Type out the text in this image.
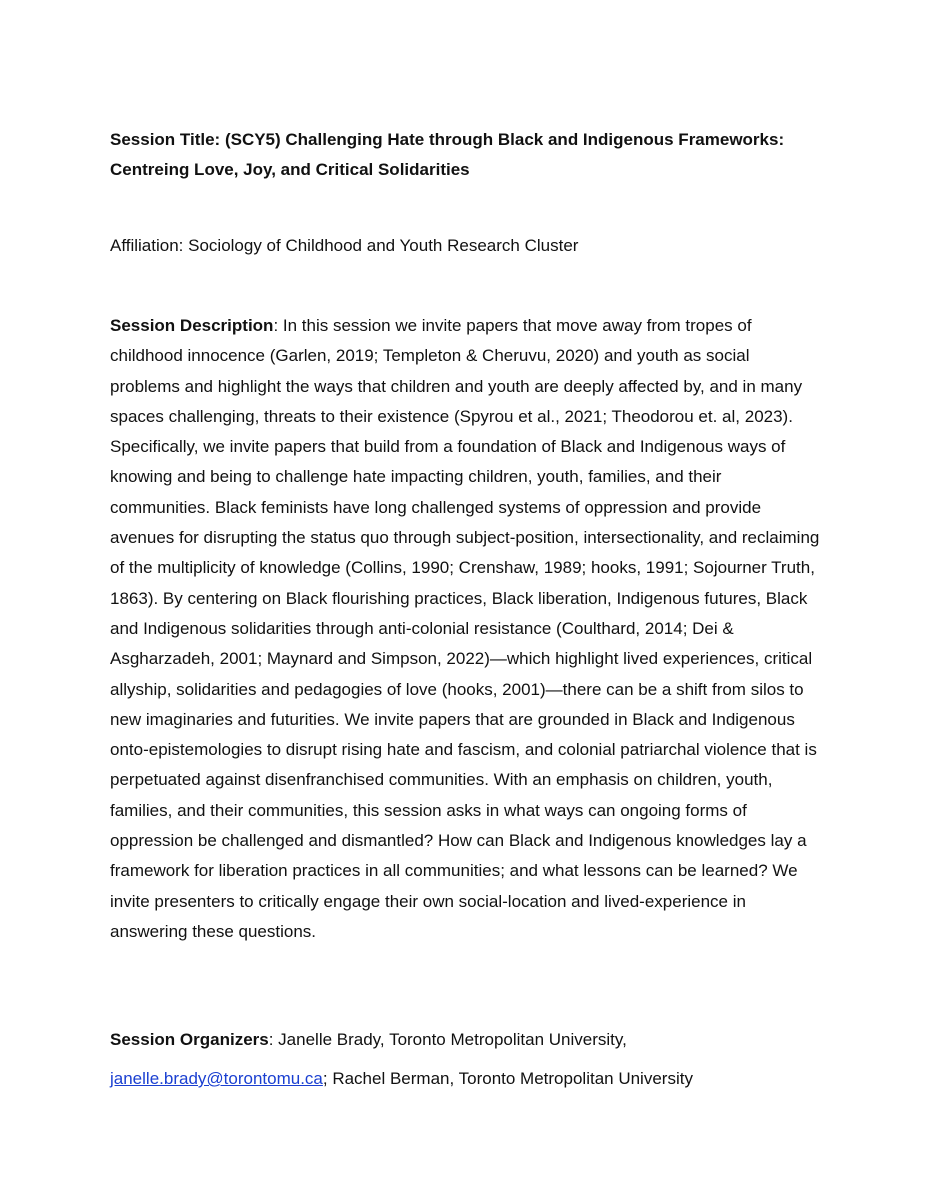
Session Title: (SCY5) Challenging Hate through Black and Indigenous Frameworks:
Centreing Love, Joy, and Critical Solidarities

Affiliation: Sociology of Childhood and Youth Research Cluster

Session Description: In this session we invite papers that move away from tropes of childhood innocence (Garlen, 2019; Templeton & Cheruvu, 2020) and youth as social problems and highlight the ways that children and youth are deeply affected by, and in many spaces challenging, threats to their existence (Spyrou et al., 2021; Theodorou et. al, 2023). Specifically, we invite papers that build from a foundation of Black and Indigenous ways of knowing and being to challenge hate impacting children, youth, families, and their communities. Black feminists have long challenged systems of oppression and provide avenues for disrupting the status quo through subject-position, intersectionality, and reclaiming of the multiplicity of knowledge (Collins, 1990; Crenshaw, 1989; hooks, 1991; Sojourner Truth, 1863). By centering on Black flourishing practices, Black liberation, Indigenous futures, Black and Indigenous solidarities through anti-colonial resistance (Coulthard, 2014; Dei & Asgharzadeh, 2001; Maynard and Simpson, 2022)—which highlight lived experiences, critical allyship, solidarities and pedagogies of love (hooks, 2001)—there can be a shift from silos to new imaginaries and futurities. We invite papers that are grounded in Black and Indigenous onto-epistemologies to disrupt rising hate and fascism, and colonial patriarchal violence that is perpetuated against disenfranchised communities. With an emphasis on children, youth, families, and their communities, this session asks in what ways can ongoing forms of oppression be challenged and dismantled? How can Black and Indigenous knowledges lay a framework for liberation practices in all communities; and what lessons can be learned? We invite presenters to critically engage their own social-location and lived-experience in answering these questions.

Session Organizers: Janelle Brady, Toronto Metropolitan University,

janelle.brady@torontomu.ca; Rachel Berman, Toronto Metropolitan University
